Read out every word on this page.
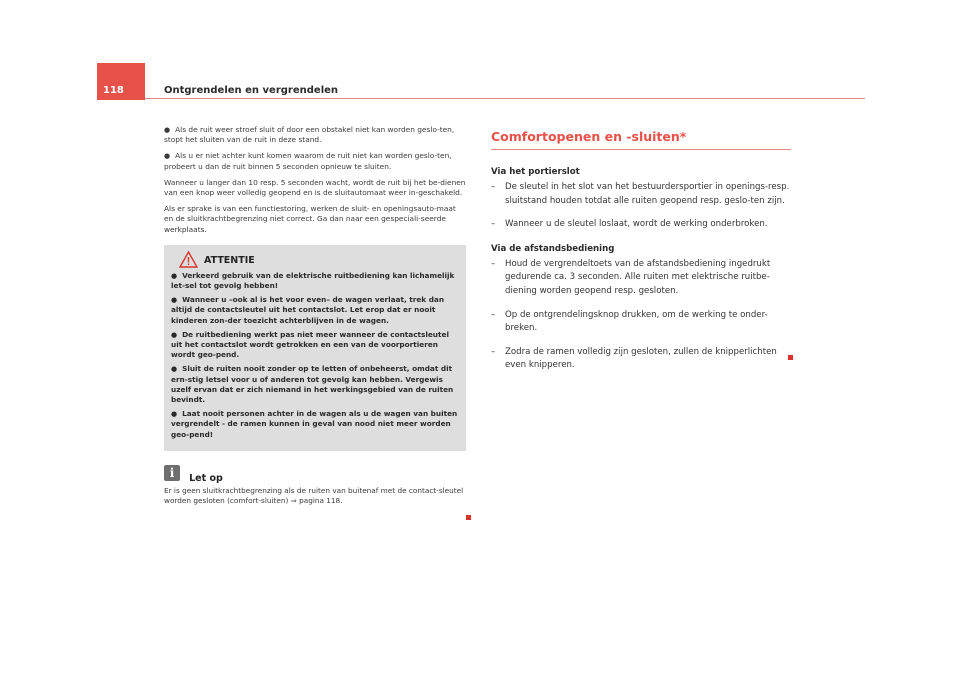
118	Ontgrendelen en vergrendelen

● Als de ruit weer stroef sluit of door een obstakel niet kan worden geslo-ten, stopt het sluiten van de ruit in deze stand.

● Als u er niet achter kunt komen waarom de ruit niet kan worden geslo-ten, probeert u dan de ruit binnen 5 seconden opnieuw te sluiten.

Wanneer u langer dan 10 resp. 5 seconden wacht, wordt de ruit bij het be-dienen van een knop weer volledig geopend en is de sluitautomaat weer in-geschakeld.

Als er sprake is van een functiestoring, werken de sluit- en openingsauto-maat en de sluitkrachtbegrenzing niet correct. Ga dan naar een gespeciali-seerde werkplaats.

ATTENTIE

● Verkeerd gebruik van de elektrische ruitbediening kan lichamelijk let-sel tot gevolg hebben!

● Wanneer u –ook al is het voor even– de wagen verlaat, trek dan altijd de contactsleutel uit het contactslot. Let erop dat er nooit kinderen zon-der toezicht achterblijven in de wagen.

● De ruitbediening werkt pas niet meer wanneer de contactsleutel uit het contactslot wordt getrokken en een van de voorportieren wordt geo-pend.

● Sluit de ruiten nooit zonder op te letten of onbeheerst, omdat dit ern-stig letsel voor u of anderen tot gevolg kan hebben. Vergewis uzelf ervan dat er zich niemand in het werkingsgebied van de ruiten bevindt.

● Laat nooit personen achter in de wagen als u de wagen van buiten vergrendelt - de ramen kunnen in geval van nood niet meer worden geo-pend!

i Let op

Er is geen sluitkrachtbegrenzing als de ruiten van buitenaf met de contact-sleutel worden gesloten (comfort-sluiten) ⇒ pagina 118.

Comfortopenen en -sluiten*
Via het portierslot
– De sleutel in het slot van het bestuurdersportier in openings-resp. sluitstand houden totdat alle ruiten geopend resp. geslo-ten zijn.
– Wanneer u de sleutel loslaat, wordt de werking onderbroken.
Via de afstandsbediening
– Houd de vergrendeltoets van de afstandsbediening ingedrukt gedurende ca. 3 seconden. Alle ruiten met elektrische ruitbe-diening worden geopend resp. gesloten.
– Op de ontgrendelingsknop drukken, om de werking te onder-breken.
– Zodra de ramen volledig zijn gesloten, zullen de knipperlichten even knipperen.
